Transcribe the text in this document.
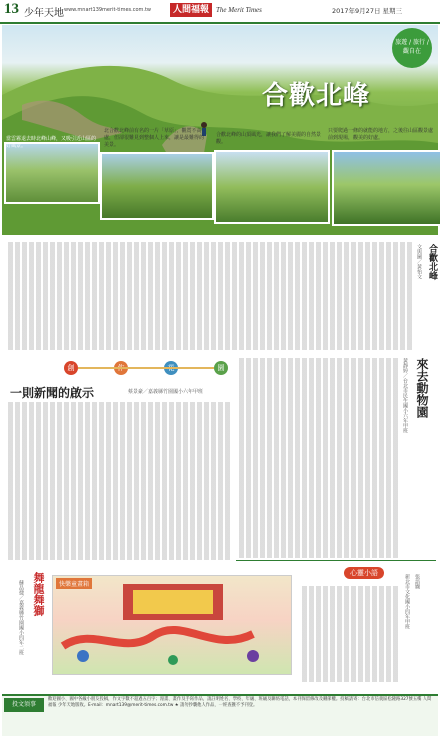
13 少年天地 www.mnart139merit-times.com.tw	人間福報	The Merit Times	2017年9月27日 星期三
合歡北峰
旅遊 / 旅行 / 觀自在
北合歡北峰前有名的一片「草原」，觀賞不高處，但卻很難見到整個人上來，讓是最難得的美景。
只要爬過一條的就能的地方，之後往山區觀景處前到現場，觀美的好處。
當雲霧退去時北峰山峰，又吸引近山區的好風景。
合歡北峰的山頂風光，讓我們了解美麗的自然景觀。
合歡北峰
文與圖／黃怡文
來去動物園
黃靜婷／台北市民生國小六年甲班
創	園
一則新聞的啟示	蔡景豪／嘉義縣竹園國小六年甲班
舞龍舞獅
蘇品捷／嘉義縣竹園國小四年二班	快樂童畫箱
心靈小語
張語嫻
新北市文化國小四年甲班
投文須事
歡迎國小、國中各級小朋友投稿，作文字數不超過五百字；漫畫、畫作及手寫作品，請註明姓名、學校、年級、班級及聯絡電話，本刊保留修改及刪節權。投稿請寄：台北市信義區松隆路327號五樓 人間福報 少年天地版收。E-mail：mnart139@merit-times.com.tw ★ 請勿抄襲他人作品，一經查獲不予刊登。
